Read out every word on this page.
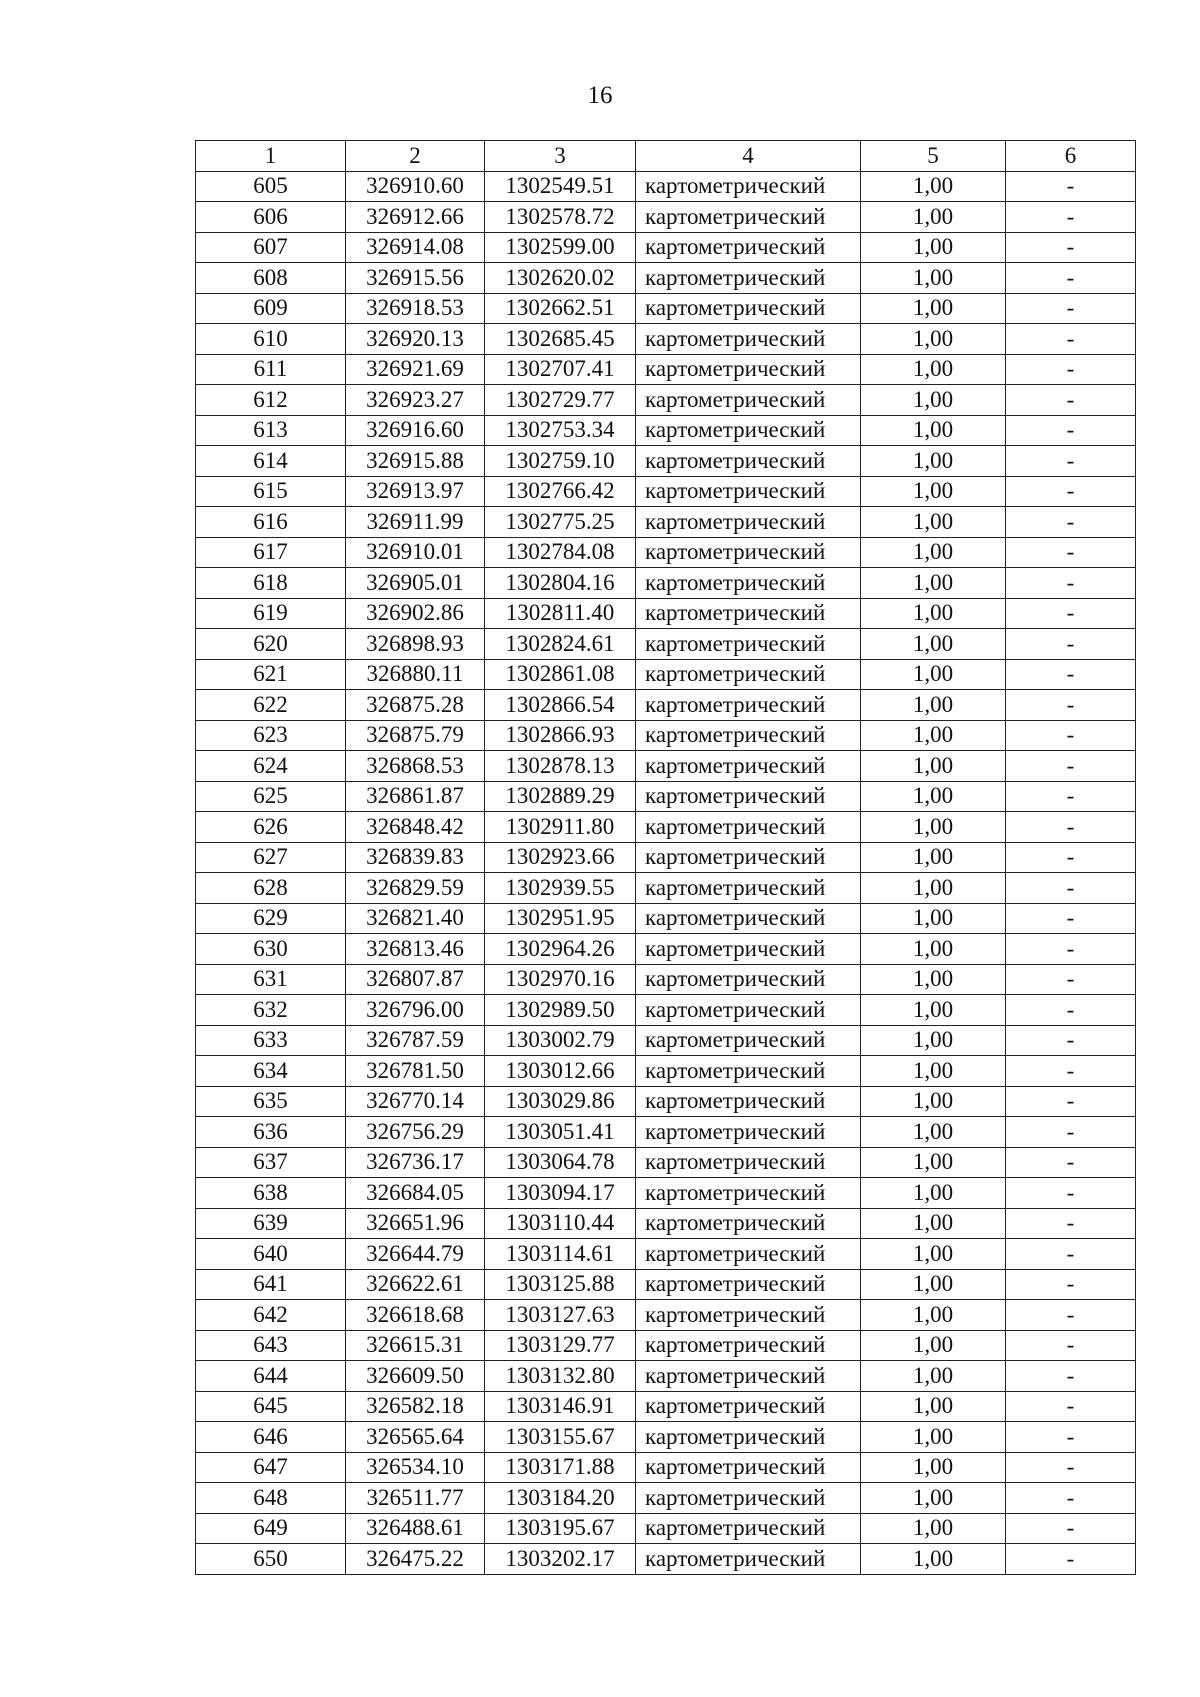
16
1	2	3	4	5	6
605	326910.60	1302549.51	картометрический	1,00	-
606	326912.66	1302578.72	картометрический	1,00	-
607	326914.08	1302599.00	картометрический	1,00	-
608	326915.56	1302620.02	картометрический	1,00	-
609	326918.53	1302662.51	картометрический	1,00	-
610	326920.13	1302685.45	картометрический	1,00	-
611	326921.69	1302707.41	картометрический	1,00	-
612	326923.27	1302729.77	картометрический	1,00	-
613	326916.60	1302753.34	картометрический	1,00	-
614	326915.88	1302759.10	картометрический	1,00	-
615	326913.97	1302766.42	картометрический	1,00	-
616	326911.99	1302775.25	картометрический	1,00	-
617	326910.01	1302784.08	картометрический	1,00	-
618	326905.01	1302804.16	картометрический	1,00	-
619	326902.86	1302811.40	картометрический	1,00	-
620	326898.93	1302824.61	картометрический	1,00	-
621	326880.11	1302861.08	картометрический	1,00	-
622	326875.28	1302866.54	картометрический	1,00	-
623	326875.79	1302866.93	картометрический	1,00	-
624	326868.53	1302878.13	картометрический	1,00	-
625	326861.87	1302889.29	картометрический	1,00	-
626	326848.42	1302911.80	картометрический	1,00	-
627	326839.83	1302923.66	картометрический	1,00	-
628	326829.59	1302939.55	картометрический	1,00	-
629	326821.40	1302951.95	картометрический	1,00	-
630	326813.46	1302964.26	картометрический	1,00	-
631	326807.87	1302970.16	картометрический	1,00	-
632	326796.00	1302989.50	картометрический	1,00	-
633	326787.59	1303002.79	картометрический	1,00	-
634	326781.50	1303012.66	картометрический	1,00	-
635	326770.14	1303029.86	картометрический	1,00	-
636	326756.29	1303051.41	картометрический	1,00	-
637	326736.17	1303064.78	картометрический	1,00	-
638	326684.05	1303094.17	картометрический	1,00	-
639	326651.96	1303110.44	картометрический	1,00	-
640	326644.79	1303114.61	картометрический	1,00	-
641	326622.61	1303125.88	картометрический	1,00	-
642	326618.68	1303127.63	картометрический	1,00	-
643	326615.31	1303129.77	картометрический	1,00	-
644	326609.50	1303132.80	картометрический	1,00	-
645	326582.18	1303146.91	картометрический	1,00	-
646	326565.64	1303155.67	картометрический	1,00	-
647	326534.10	1303171.88	картометрический	1,00	-
648	326511.77	1303184.20	картометрический	1,00	-
649	326488.61	1303195.67	картометрический	1,00	-
650	326475.22	1303202.17	картометрический	1,00	-
